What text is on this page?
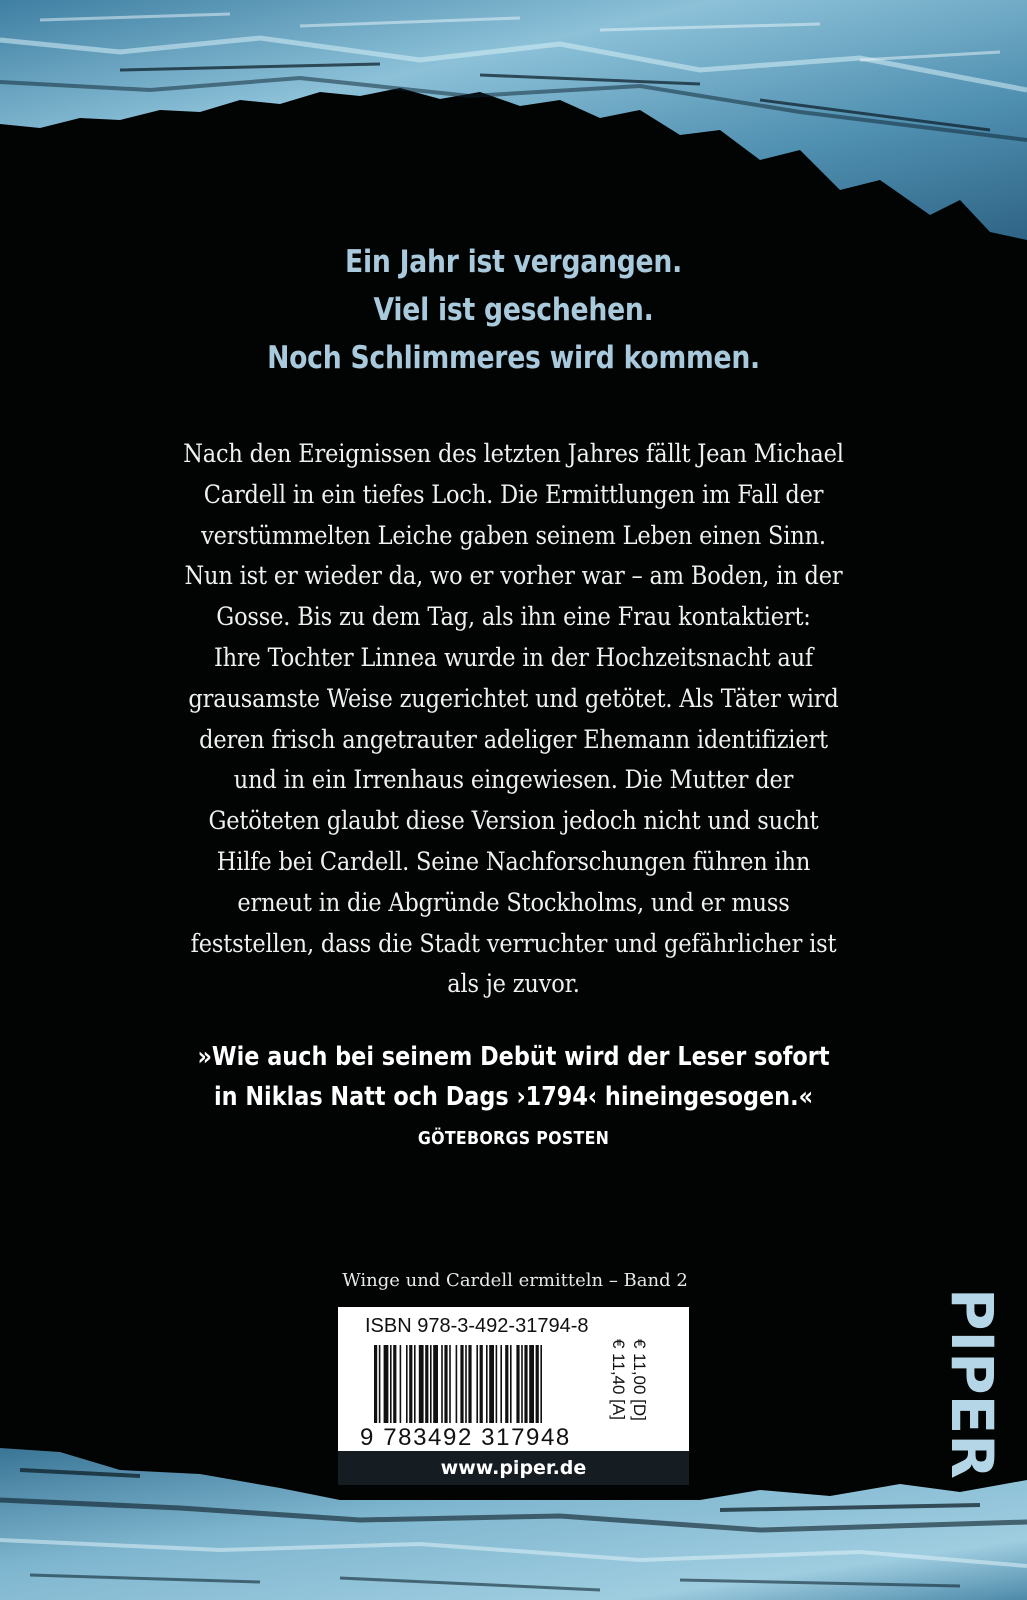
Ein Jahr ist vergangen.
Viel ist geschehen.
Noch Schlimmeres wird kommen.
Nach den Ereignissen des letzten Jahres fällt Jean Michael
Cardell in ein tiefes Loch. Die Ermittlungen im Fall der
verstümmelten Leiche gaben seinem Leben einen Sinn.
Nun ist er wieder da, wo er vorher war – am Boden, in der
Gosse. Bis zu dem Tag, als ihn eine Frau kontaktiert:
Ihre Tochter Linnea wurde in der Hochzeitsnacht auf
grausamste Weise zugerichtet und getötet. Als Täter wird
deren frisch angetrauter adeliger Ehemann identifiziert
und in ein Irrenhaus eingewiesen. Die Mutter der
Getöteten glaubt diese Version jedoch nicht und sucht
Hilfe bei Cardell. Seine Nachforschungen führen ihn
erneut in die Abgründe Stockholms, und er muss
feststellen, dass die Stadt verruchter und gefährlicher ist
als je zuvor.
»Wie auch bei seinem Debüt wird der Leser sofort
in Niklas Natt och Dags ›1794‹ hineingesogen.«
GÖTEBORGS POSTEN
Winge und Cardell ermitteln – Band 2
ISBN 978-3-492-31794-8
9 783492 317948
€ 11,00 [D]
€ 11,40 [A]
www.piper.de	PIPER
